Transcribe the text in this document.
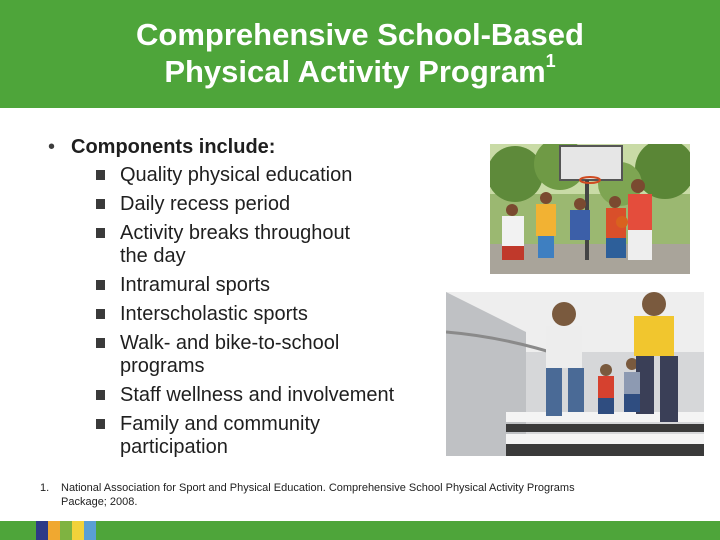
Comprehensive School-Based
Physical Activity Program$^1$
• Components include:
Quality physical education
Daily recess period
Activity breaks throughout the day
Intramural sports
Interscholastic sports
Walk- and bike-to-school programs
Staff wellness and involvement
Family and community participation
1.	National Association for Sport and Physical Education. Comprehensive School Physical Activity Programs Package; 2008.
